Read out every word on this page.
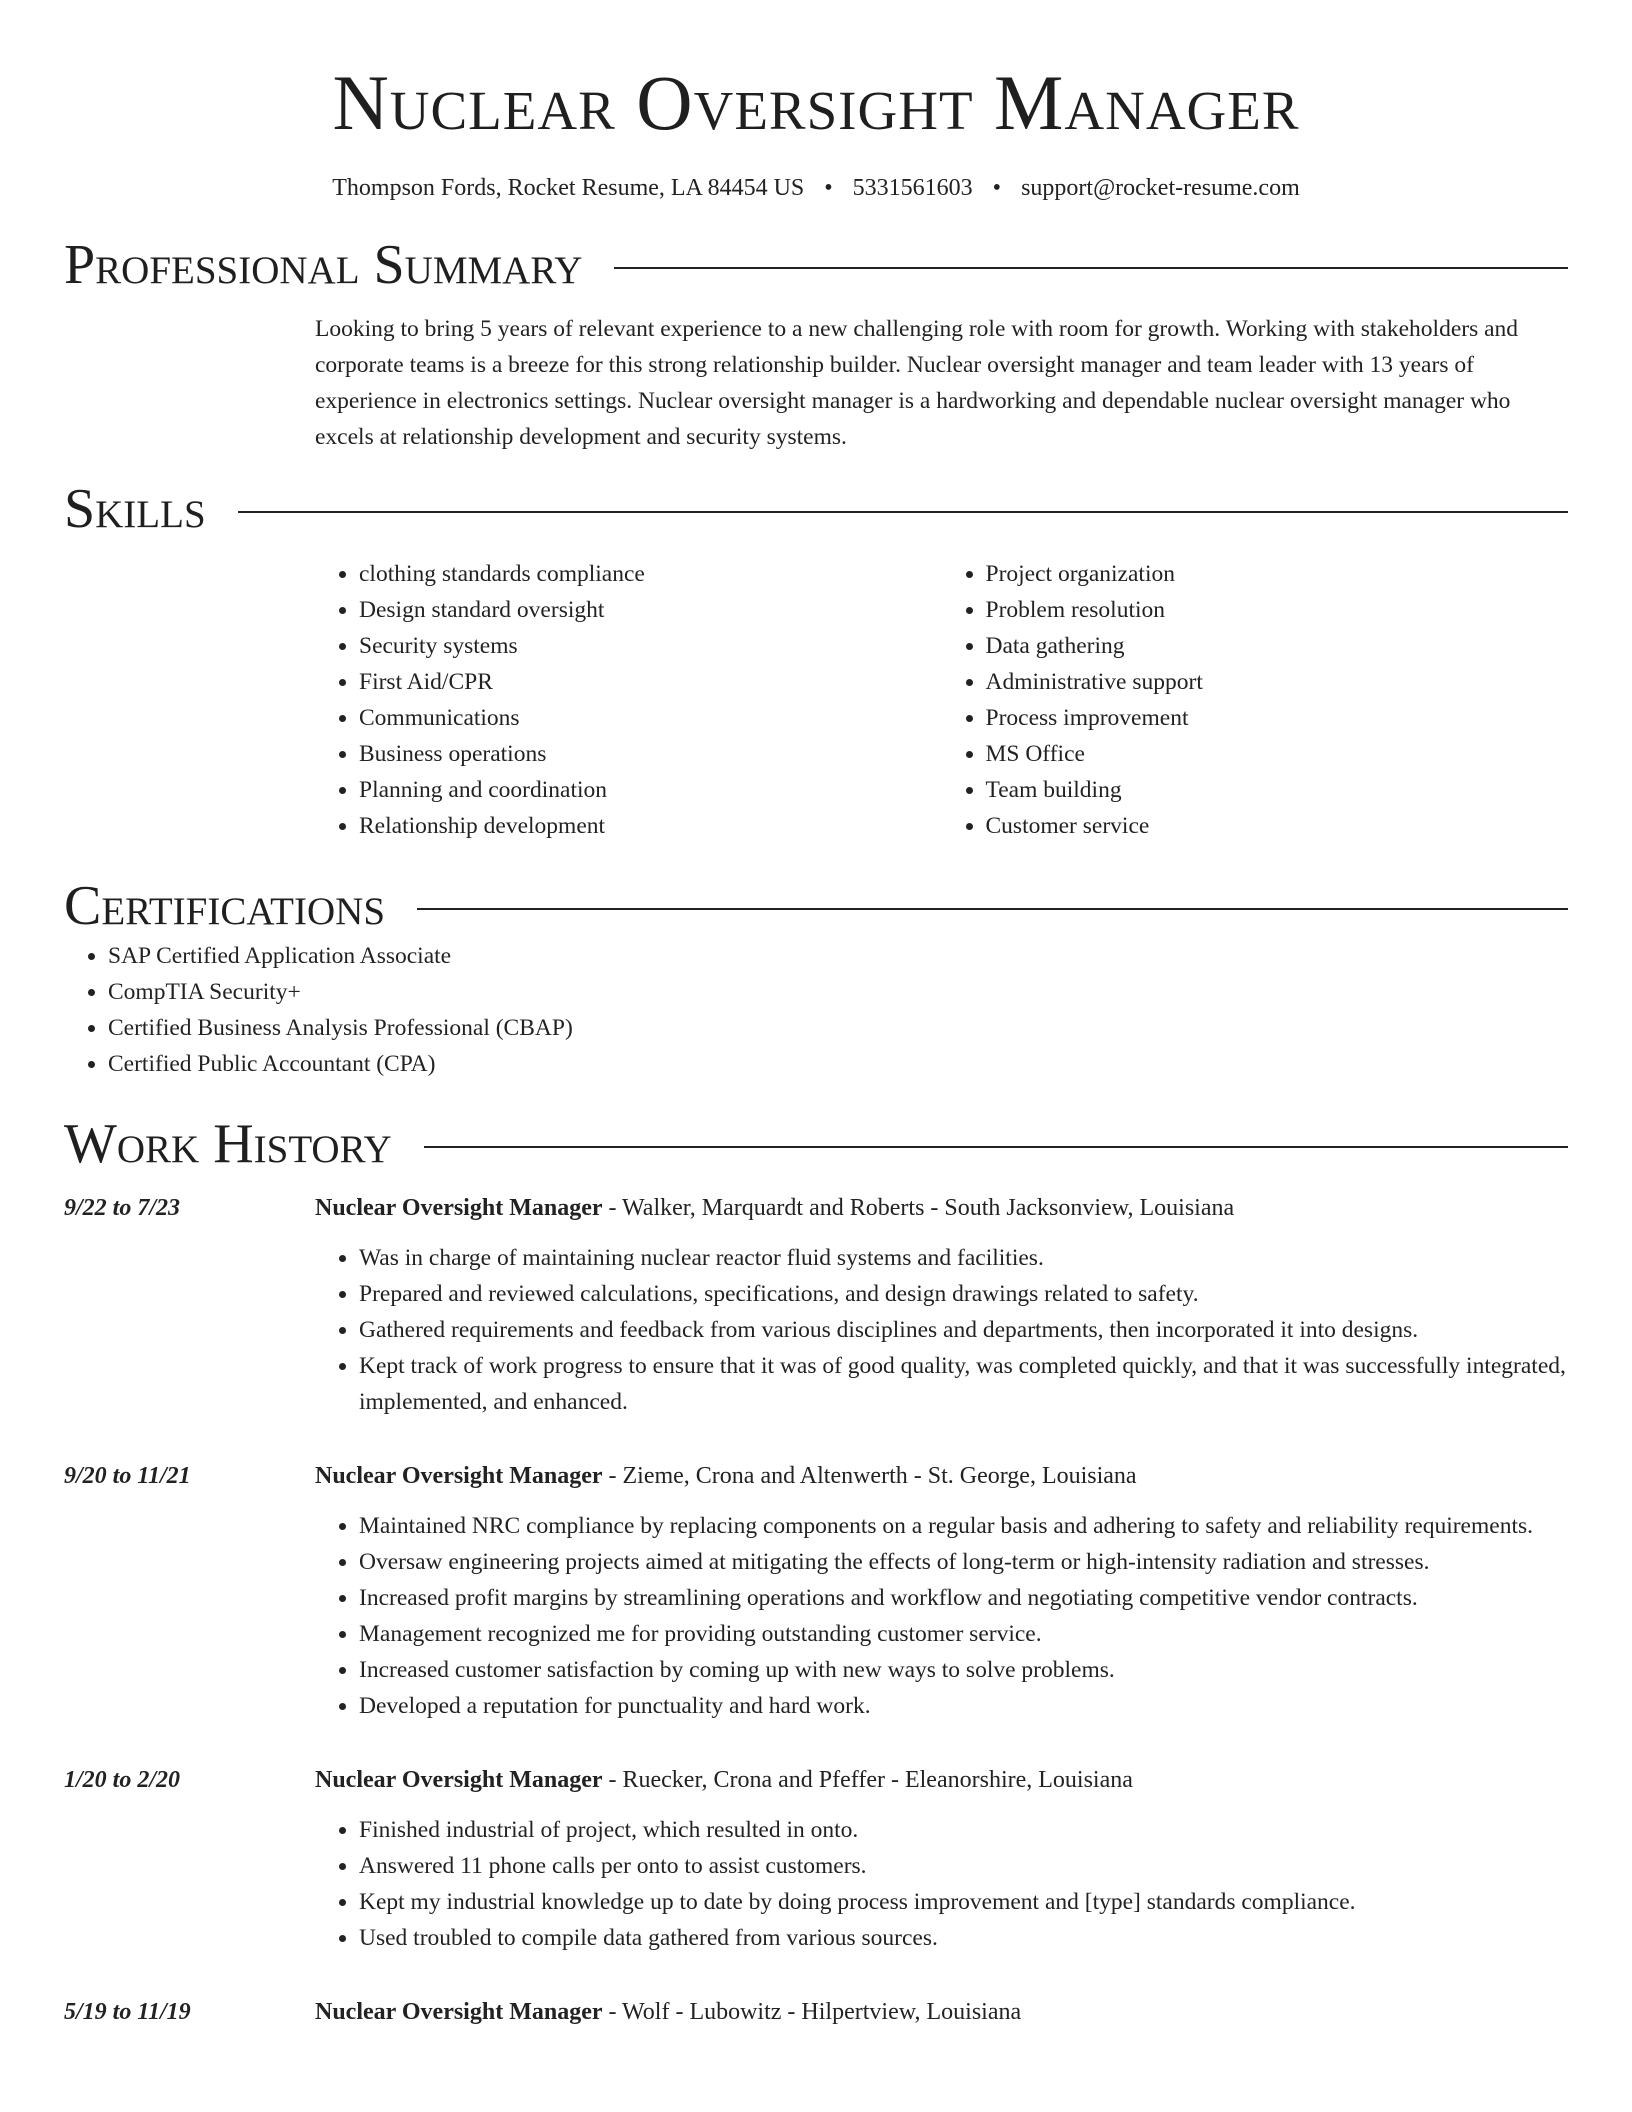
Nuclear Oversight Manager
Thompson Fords, Rocket Resume, LA 84454 US • 5331561603 • support@rocket-resume.com
Professional Summary

Looking to bring 5 years of relevant experience to a new challenging role with room for growth. Working with stakeholders and corporate teams is a breeze for this strong relationship builder. Nuclear oversight manager and team leader with 13 years of experience in electronics settings. Nuclear oversight manager is a hardworking and dependable nuclear oversight manager who excels at relationship development and security systems.

Skills
• clothing standards compliance
• Design standard oversight
• Security systems
• First Aid/CPR
• Communications
• Business operations
• Planning and coordination
• Relationship development
• Project organization
• Problem resolution
• Data gathering
• Administrative support
• Process improvement
• MS Office
• Team building
• Customer service
Certifications
• SAP Certified Application Associate
• CompTIA Security+
• Certified Business Analysis Professional (CBAP)
• Certified Public Accountant (CPA)
Work History
9/22 to 7/23	Nuclear Oversight Manager - Walker, Marquardt and Roberts - South Jacksonview, Louisiana
• Was in charge of maintaining nuclear reactor fluid systems and facilities.
• Prepared and reviewed calculations, specifications, and design drawings related to safety.
• Gathered requirements and feedback from various disciplines and departments, then incorporated it into designs.
• Kept track of work progress to ensure that it was of good quality, was completed quickly, and that it was successfully integrated, implemented, and enhanced.
9/20 to 11/21	Nuclear Oversight Manager - Zieme, Crona and Altenwerth - St. George, Louisiana
• Maintained NRC compliance by replacing components on a regular basis and adhering to safety and reliability requirements.
• Oversaw engineering projects aimed at mitigating the effects of long-term or high-intensity radiation and stresses.
• Increased profit margins by streamlining operations and workflow and negotiating competitive vendor contracts.
• Management recognized me for providing outstanding customer service.
• Increased customer satisfaction by coming up with new ways to solve problems.
• Developed a reputation for punctuality and hard work.
1/20 to 2/20	Nuclear Oversight Manager - Ruecker, Crona and Pfeffer - Eleanorshire, Louisiana
• Finished industrial of project, which resulted in onto.
• Answered 11 phone calls per onto to assist customers.
• Kept my industrial knowledge up to date by doing process improvement and [type] standards compliance.
• Used troubled to compile data gathered from various sources.
5/19 to 11/19	Nuclear Oversight Manager - Wolf - Lubowitz - Hilpertview, Louisiana
